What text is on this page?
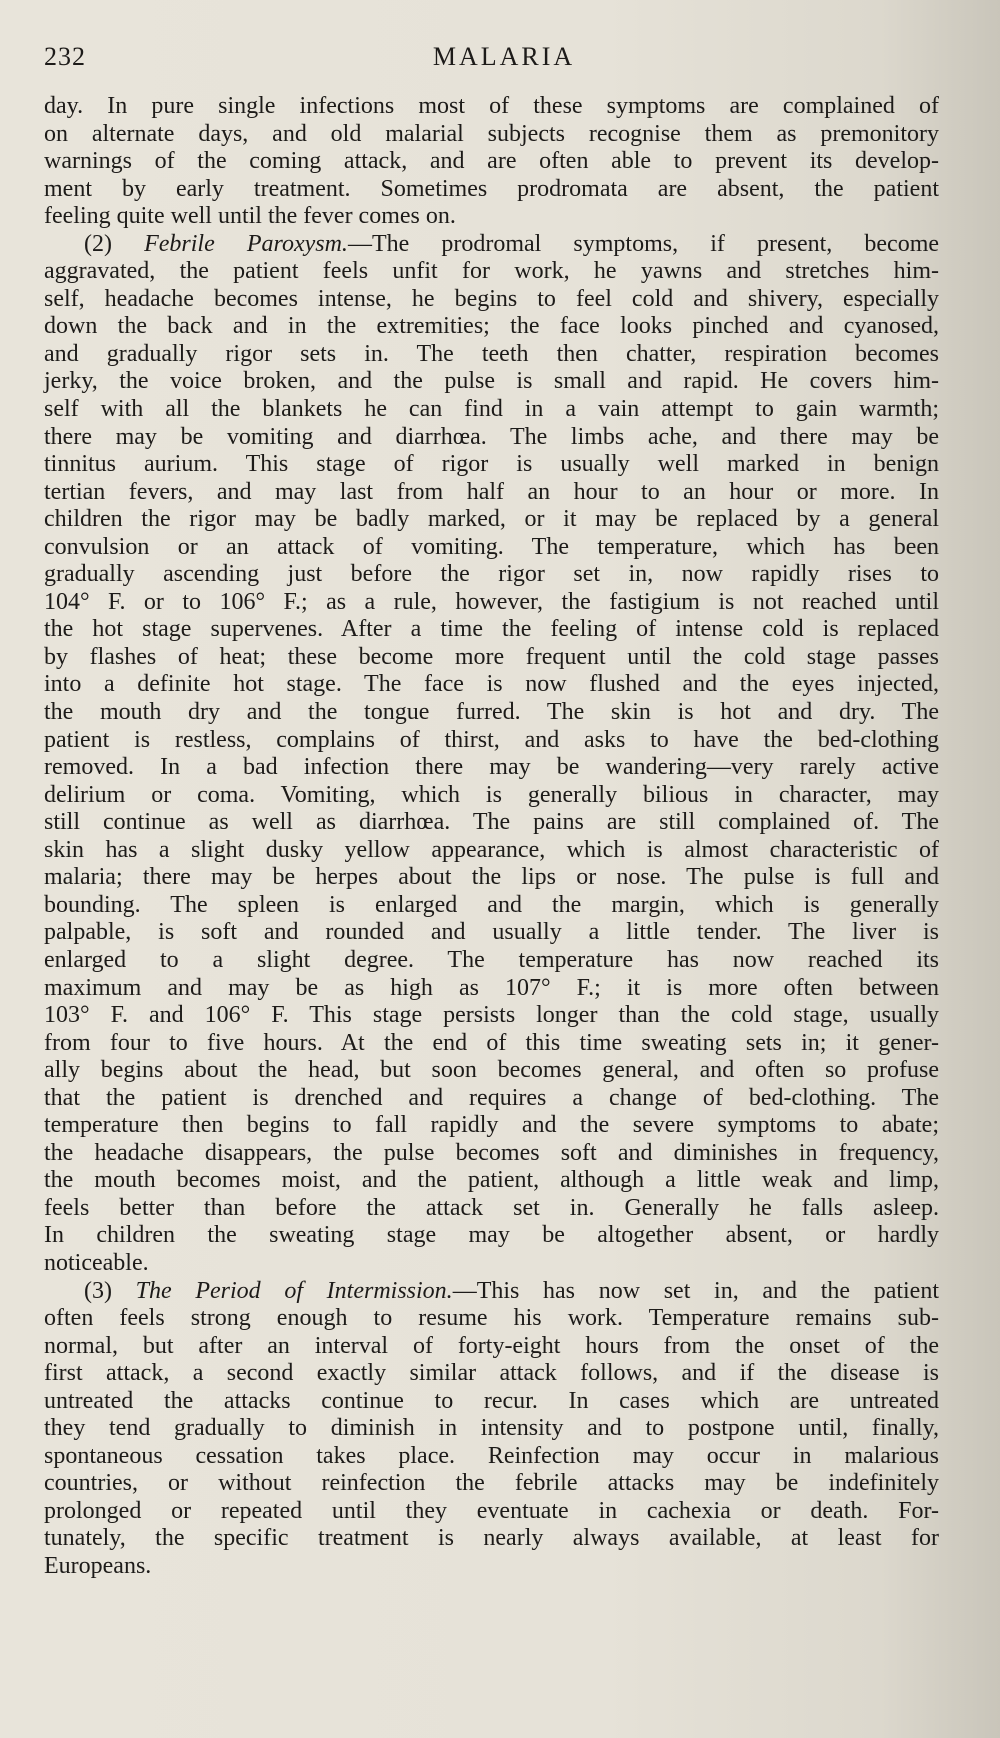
232	MALARIA
day. In pure single infections most of these symptoms are complained of
on alternate days, and old malarial subjects recognise them as premonitory
warnings of the coming attack, and are often able to prevent its develop-
ment by early treatment. Sometimes prodromata are absent, the patient
feeling quite well until the fever comes on.
(2) Febrile Paroxysm.—The prodromal symptoms, if present, become
aggravated, the patient feels unfit for work, he yawns and stretches him-
self, headache becomes intense, he begins to feel cold and shivery, especially
down the back and in the extremities; the face looks pinched and cyanosed,
and gradually rigor sets in. The teeth then chatter, respiration becomes
jerky, the voice broken, and the pulse is small and rapid. He covers him-
self with all the blankets he can find in a vain attempt to gain warmth;
there may be vomiting and diarrhœa. The limbs ache, and there may be
tinnitus aurium. This stage of rigor is usually well marked in benign
tertian fevers, and may last from half an hour to an hour or more. In
children the rigor may be badly marked, or it may be replaced by a general
convulsion or an attack of vomiting. The temperature, which has been
gradually ascending just before the rigor set in, now rapidly rises to
104° F. or to 106° F.; as a rule, however, the fastigium is not reached until
the hot stage supervenes. After a time the feeling of intense cold is replaced
by flashes of heat; these become more frequent until the cold stage passes
into a definite hot stage. The face is now flushed and the eyes injected,
the mouth dry and the tongue furred. The skin is hot and dry. The
patient is restless, complains of thirst, and asks to have the bed-clothing
removed. In a bad infection there may be wandering—very rarely active
delirium or coma. Vomiting, which is generally bilious in character, may
still continue as well as diarrhœa. The pains are still complained of. The
skin has a slight dusky yellow appearance, which is almost characteristic of
malaria; there may be herpes about the lips or nose. The pulse is full and
bounding. The spleen is enlarged and the margin, which is generally
palpable, is soft and rounded and usually a little tender. The liver is
enlarged to a slight degree. The temperature has now reached its
maximum and may be as high as 107° F.; it is more often between
103° F. and 106° F. This stage persists longer than the cold stage, usually
from four to five hours. At the end of this time sweating sets in; it gener-
ally begins about the head, but soon becomes general, and often so profuse
that the patient is drenched and requires a change of bed-clothing. The
temperature then begins to fall rapidly and the severe symptoms to abate;
the headache disappears, the pulse becomes soft and diminishes in frequency,
the mouth becomes moist, and the patient, although a little weak and limp,
feels better than before the attack set in. Generally he falls asleep.
In children the sweating stage may be altogether absent, or hardly
noticeable.
(3) The Period of Intermission.—This has now set in, and the patient
often feels strong enough to resume his work. Temperature remains sub-
normal, but after an interval of forty-eight hours from the onset of the
first attack, a second exactly similar attack follows, and if the disease is
untreated the attacks continue to recur. In cases which are untreated
they tend gradually to diminish in intensity and to postpone until, finally,
spontaneous cessation takes place. Reinfection may occur in malarious
countries, or without reinfection the febrile attacks may be indefinitely
prolonged or repeated until they eventuate in cachexia or death. For-
tunately, the specific treatment is nearly always available, at least for
Europeans.
